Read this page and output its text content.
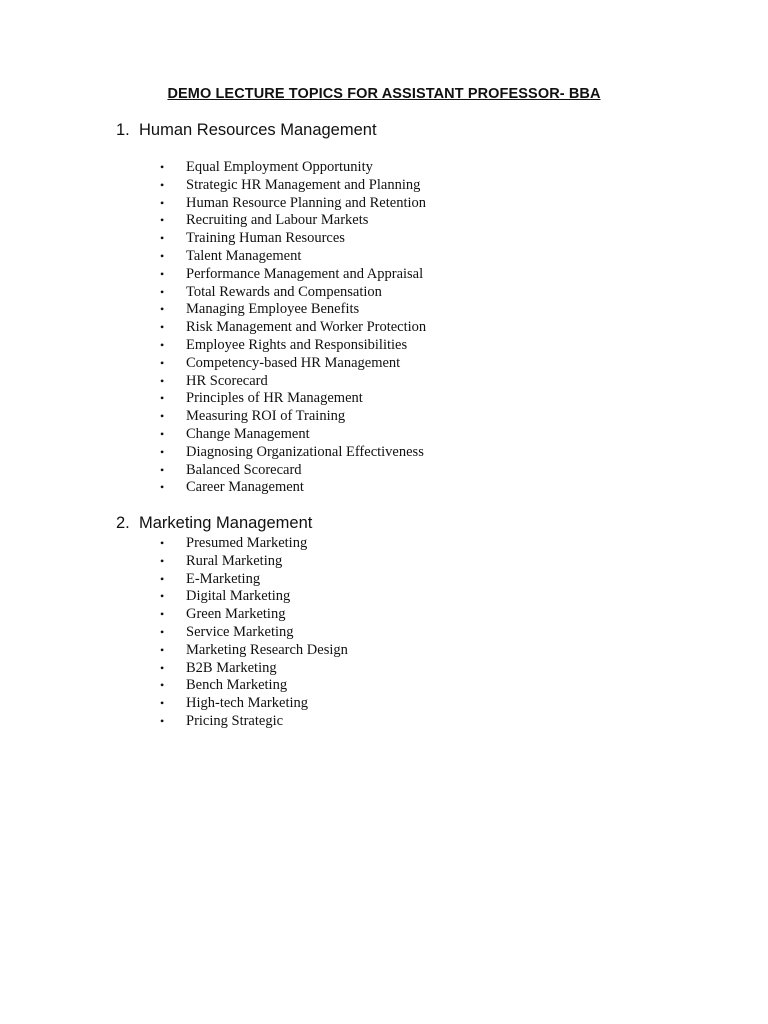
DEMO LECTURE TOPICS FOR ASSISTANT PROFESSOR- BBA
1. Human Resources Management
•	Equal Employment Opportunity
•	Strategic HR Management and Planning
•	Human Resource Planning and Retention
•	Recruiting and Labour Markets
•	Training Human Resources
•	Talent Management
•	Performance Management and Appraisal
•	Total Rewards and Compensation
•	Managing Employee Benefits
•	Risk Management and Worker Protection
•	Employee Rights and Responsibilities
•	Competency-based HR Management
•	HR Scorecard
•	Principles of HR Management
•	Measuring ROI of Training
•	Change Management
•	Diagnosing Organizational Effectiveness
•	Balanced Scorecard
•	Career Management
2. Marketing Management
•	Presumed Marketing
•	Rural Marketing
•	E-Marketing
•	Digital Marketing
•	Green Marketing
•	Service Marketing
•	Marketing Research Design
•	B2B Marketing
•	Bench Marketing
•	High-tech Marketing
•	Pricing Strategic
